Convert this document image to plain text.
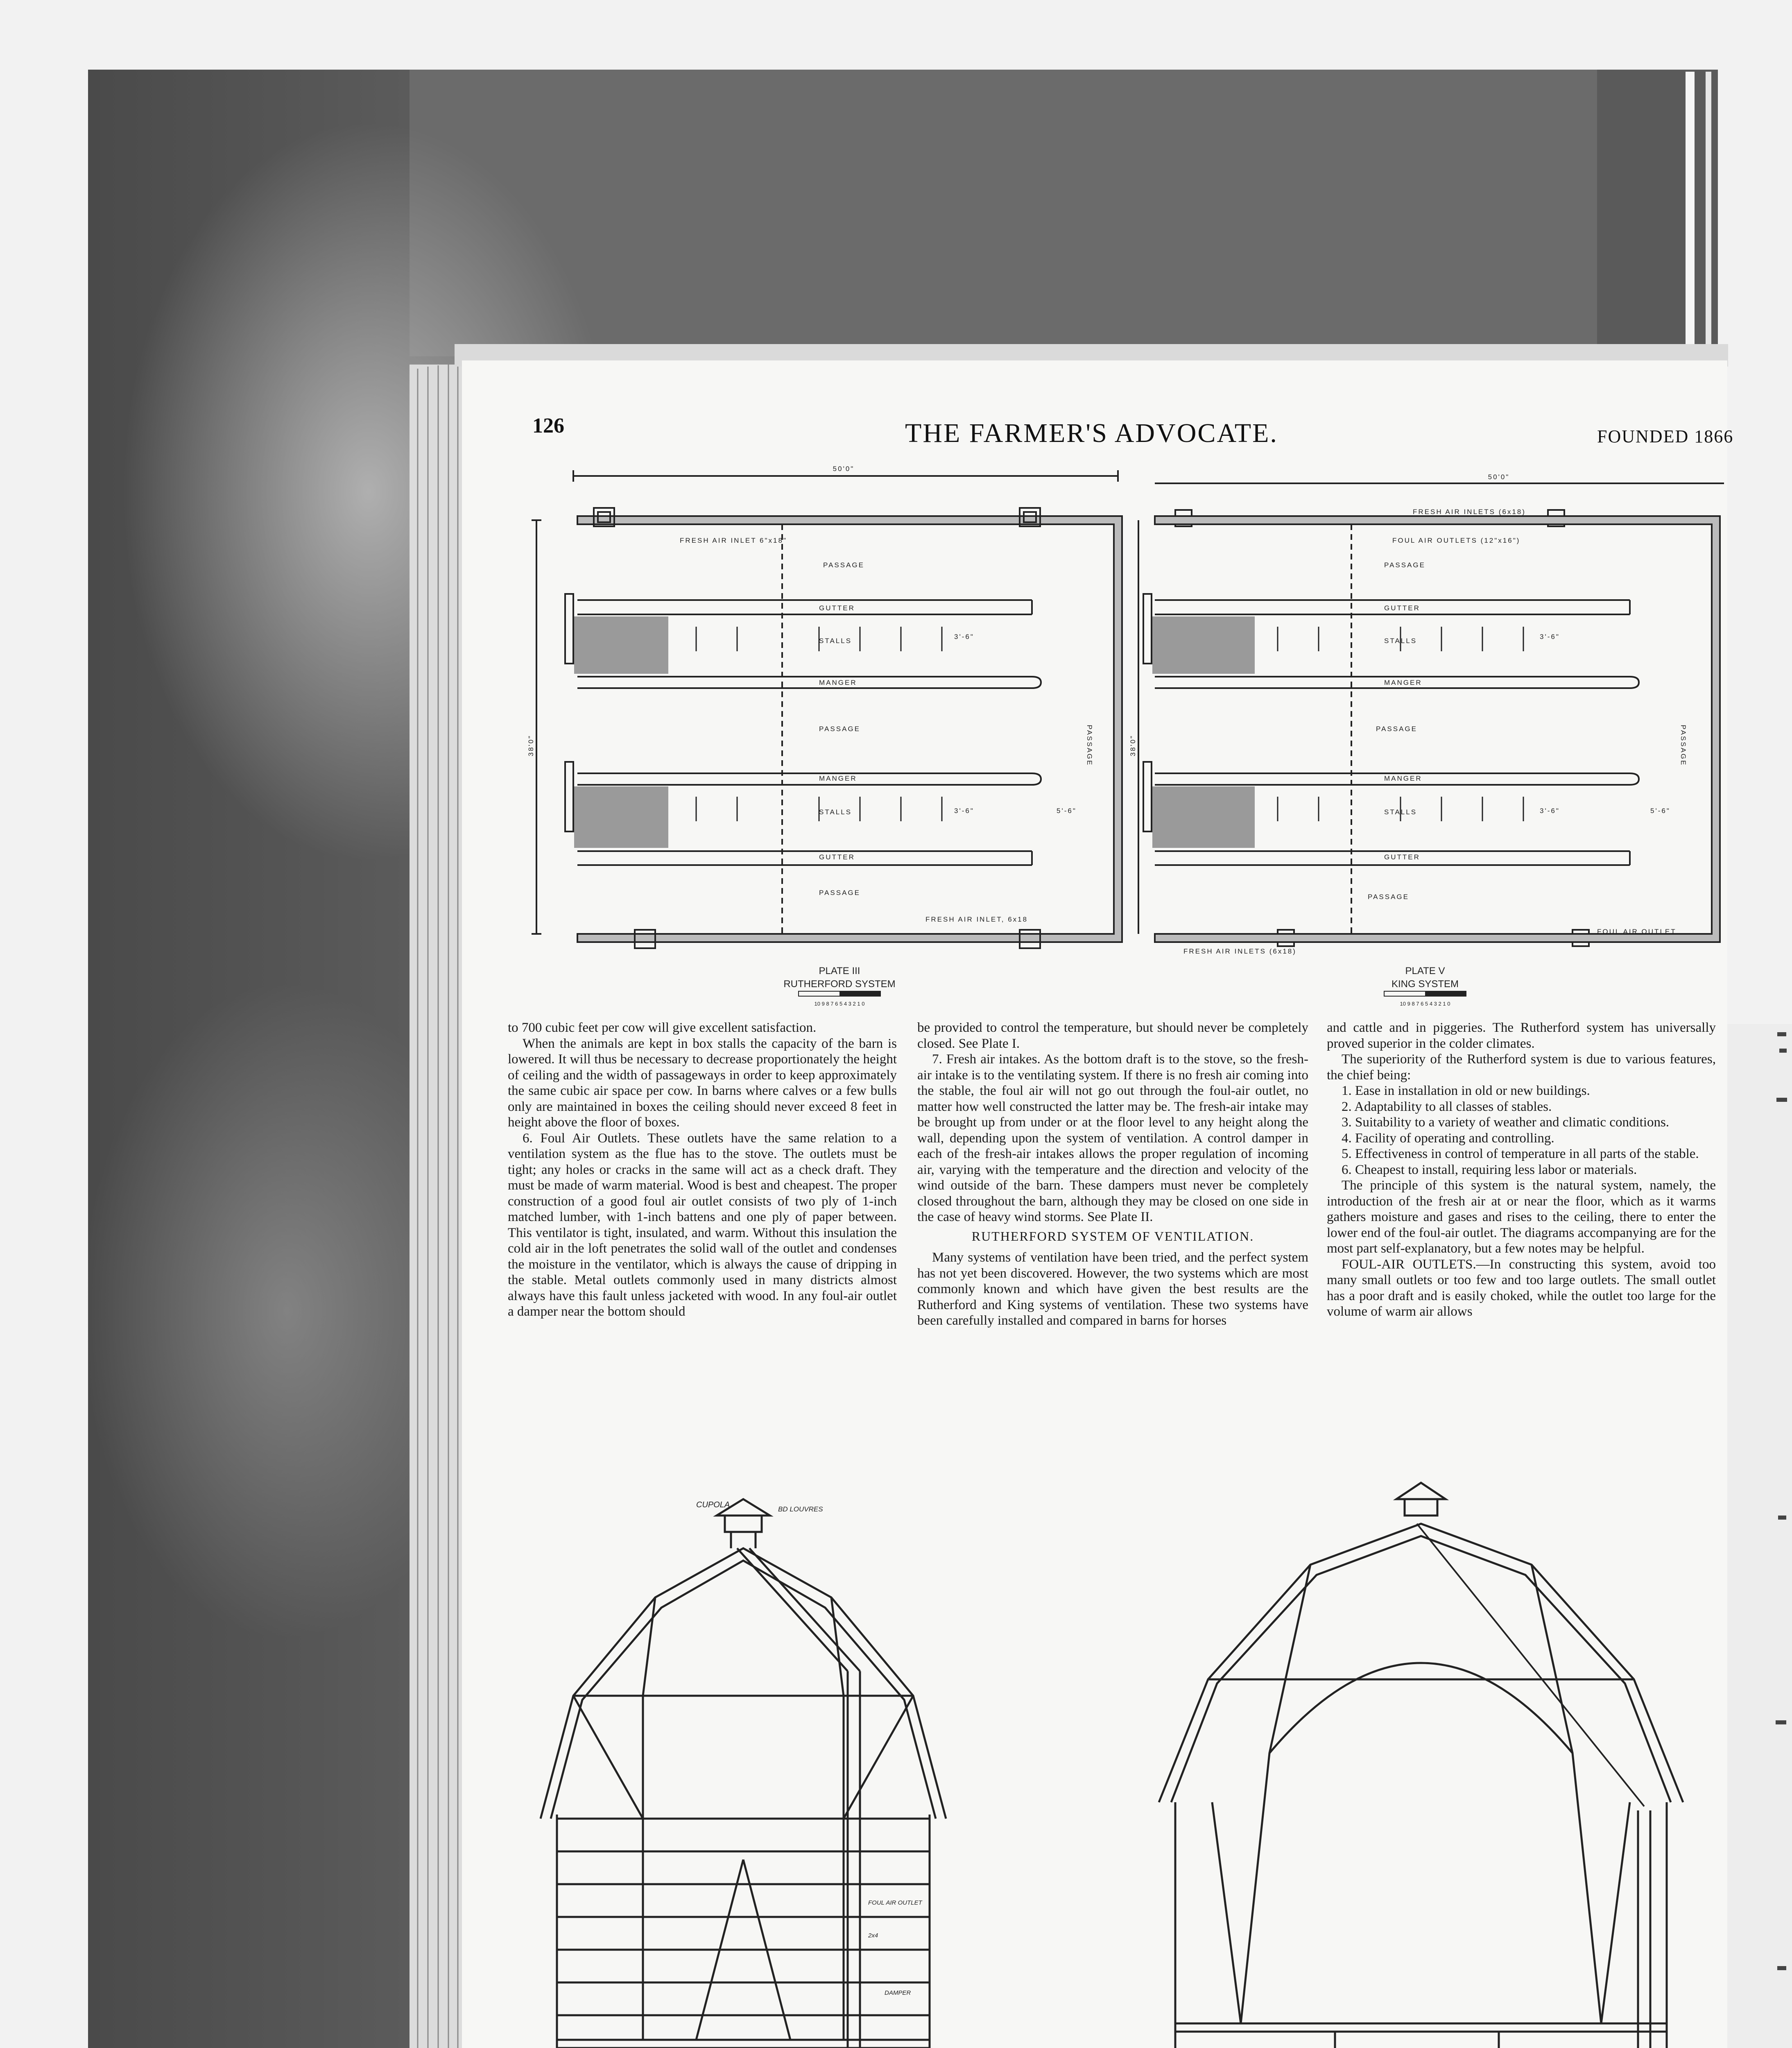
126	THE FARMER'S ADVOCATE.	FOUNDED 1866
50'0"
38'0"
FRESH AIR INLET 6"x18"
PASSAGE
GUTTER
STALLS
3'-6"
MANGER
PASSAGE
MANGER
STALLS	3'-6"	5'-6"
GUTTER
PASSAGE
PASSAGE
FRESH AIR INLET, 6x18
PLATE III
RUTHERFORD SYSTEM
10 9 8 7 6 5 4 3 2 1 0
50'0"
38'0"
FRESH AIR INLETS (6x18)
FOUL AIR OUTLETS (12"x16")
PASSAGE
GUTTER
STALLS
3'-6"
MANGER
PASSAGE
MANGER
STALLS	3'-6"	5'-6"
GUTTER
PASSAGE
PASSAGE
FRESH AIR INLETS (6x18)
FOUL AIR OUTLET
PLATE V
KING SYSTEM
10 9 8 7 6 5 4 3 2 1 0

to 700 cubic feet per cow will give excellent satisfaction.

When the animals are kept in box stalls the capacity of the barn is lowered. It will thus be necessary to decrease proportionately the height of ceiling and the width of passageways in order to keep approximately the same cubic air space per cow. In barns where calves or a few bulls only are maintained in boxes the ceiling should never exceed 8 feet in height above the floor of boxes.

6. Foul Air Outlets. These outlets have the same relation to a ventilation system as the flue has to the stove. The outlets must be tight; any holes or cracks in the same will act as a check draft. They must be made of warm material. Wood is best and cheapest. The proper construction of a good foul air outlet consists of two ply of 1-inch matched lumber, with 1-inch battens and one ply of paper between. This ventilator is tight, insulated, and warm. Without this insulation the cold air in the loft penetrates the solid wall of the outlet and condenses the moisture in the ventilator, which is always the cause of dripping in the stable. Metal outlets commonly used in many districts almost always have this fault unless jacketed with wood. In any foul-air outlet a damper near the bottom should

be provided to control the temperature, but should never be completely closed. See Plate I.

7. Fresh air intakes. As the bottom draft is to the stove, so the fresh-air intake is to the ventilating system. If there is no fresh air coming into the stable, the foul air will not go out through the foul-air outlet, no matter how well constructed the latter may be. The fresh-air intake may be brought up from under or at the floor level to any height along the wall, depending upon the system of ventilation. A control damper in each of the fresh-air intakes allows the proper regulation of incoming air, varying with the temperature and the direction and velocity of the wind outside of the barn. These dampers must never be completely closed throughout the barn, although they may be closed on one side in the case of heavy wind storms. See Plate II.

RUTHERFORD SYSTEM OF VENTILATION.

Many systems of ventilation have been tried, and the perfect system has not yet been discovered. However, the two systems which are most commonly known and which have given the best results are the Rutherford and King systems of ventilation. These two systems have been carefully installed and compared in barns for horses

and cattle and in piggeries. The Rutherford system has universally proved superior in the colder climates.

The superiority of the Rutherford system is due to various features, the chief being:

1. Ease in installation in old or new buildings.

2. Adaptability to all classes of stables.

3. Suitability to a variety of weather and climatic conditions.

4. Facility of operating and controlling.

5. Effectiveness in control of temperature in all parts of the stable.

6. Cheapest to install, requiring less labor or materials.

The principle of this system is the natural system, namely, the introduction of the fresh air at or near the floor, which as it warms gathers moisture and gases and rises to the ceiling, there to enter the lower end of the foul-air outlet. The diagrams accompanying are for the most part self-explanatory, but a few notes may be helpful.

FOUL-AIR OUTLETS.—In constructing this system, avoid too many small outlets or too few and too large outlets. The small outlet has a poor draft and is easily choked, while the outlet too large for the volume of warm air allows

CUPOLA	BD LOUVRES
FOUL AIR OUTLET
2x4
DAMPER
